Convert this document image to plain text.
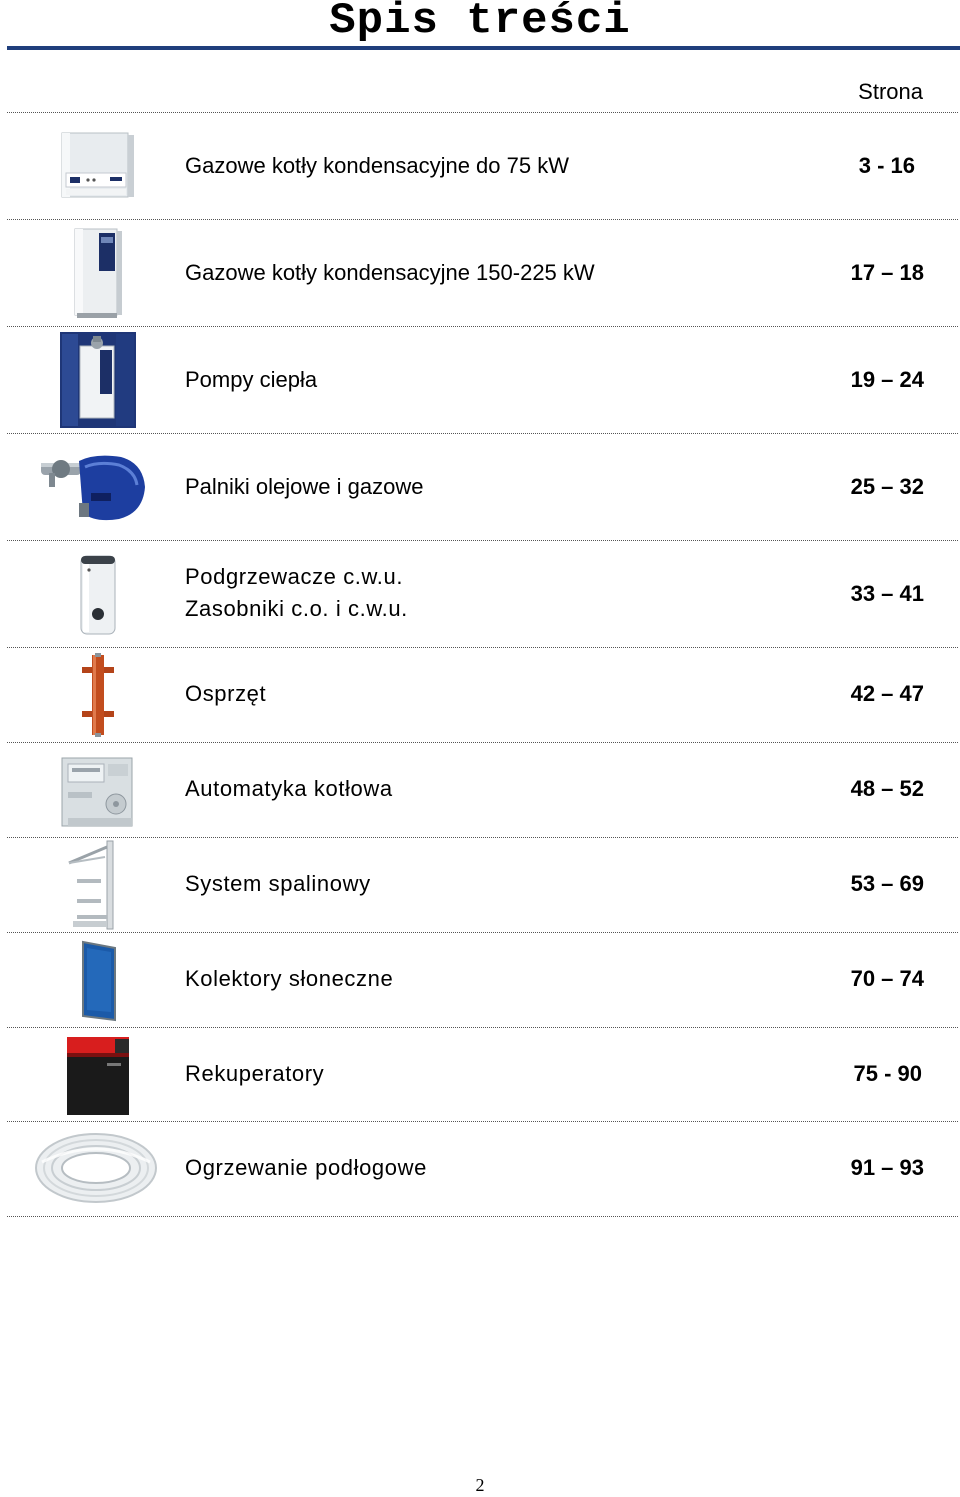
Spis treści
Strona
Gazowe kotły kondensacyjne do 75 kW	3 - 16
Gazowe kotły kondensacyjne 150-225 kW	17 – 18
Pompy ciepła	19 – 24
Palniki olejowe i gazowe	25 – 32
Podgrzewacze c.w.u.
Zasobniki c.o. i c.w.u.
33 – 41
Osprzęt	42 – 47
Automatyka kotłowa	48 – 52
System spalinowy	53 – 69
Kolektory słoneczne	70 – 74
Rekuperatory	75 - 90
Ogrzewanie podłogowe	91 – 93
2
